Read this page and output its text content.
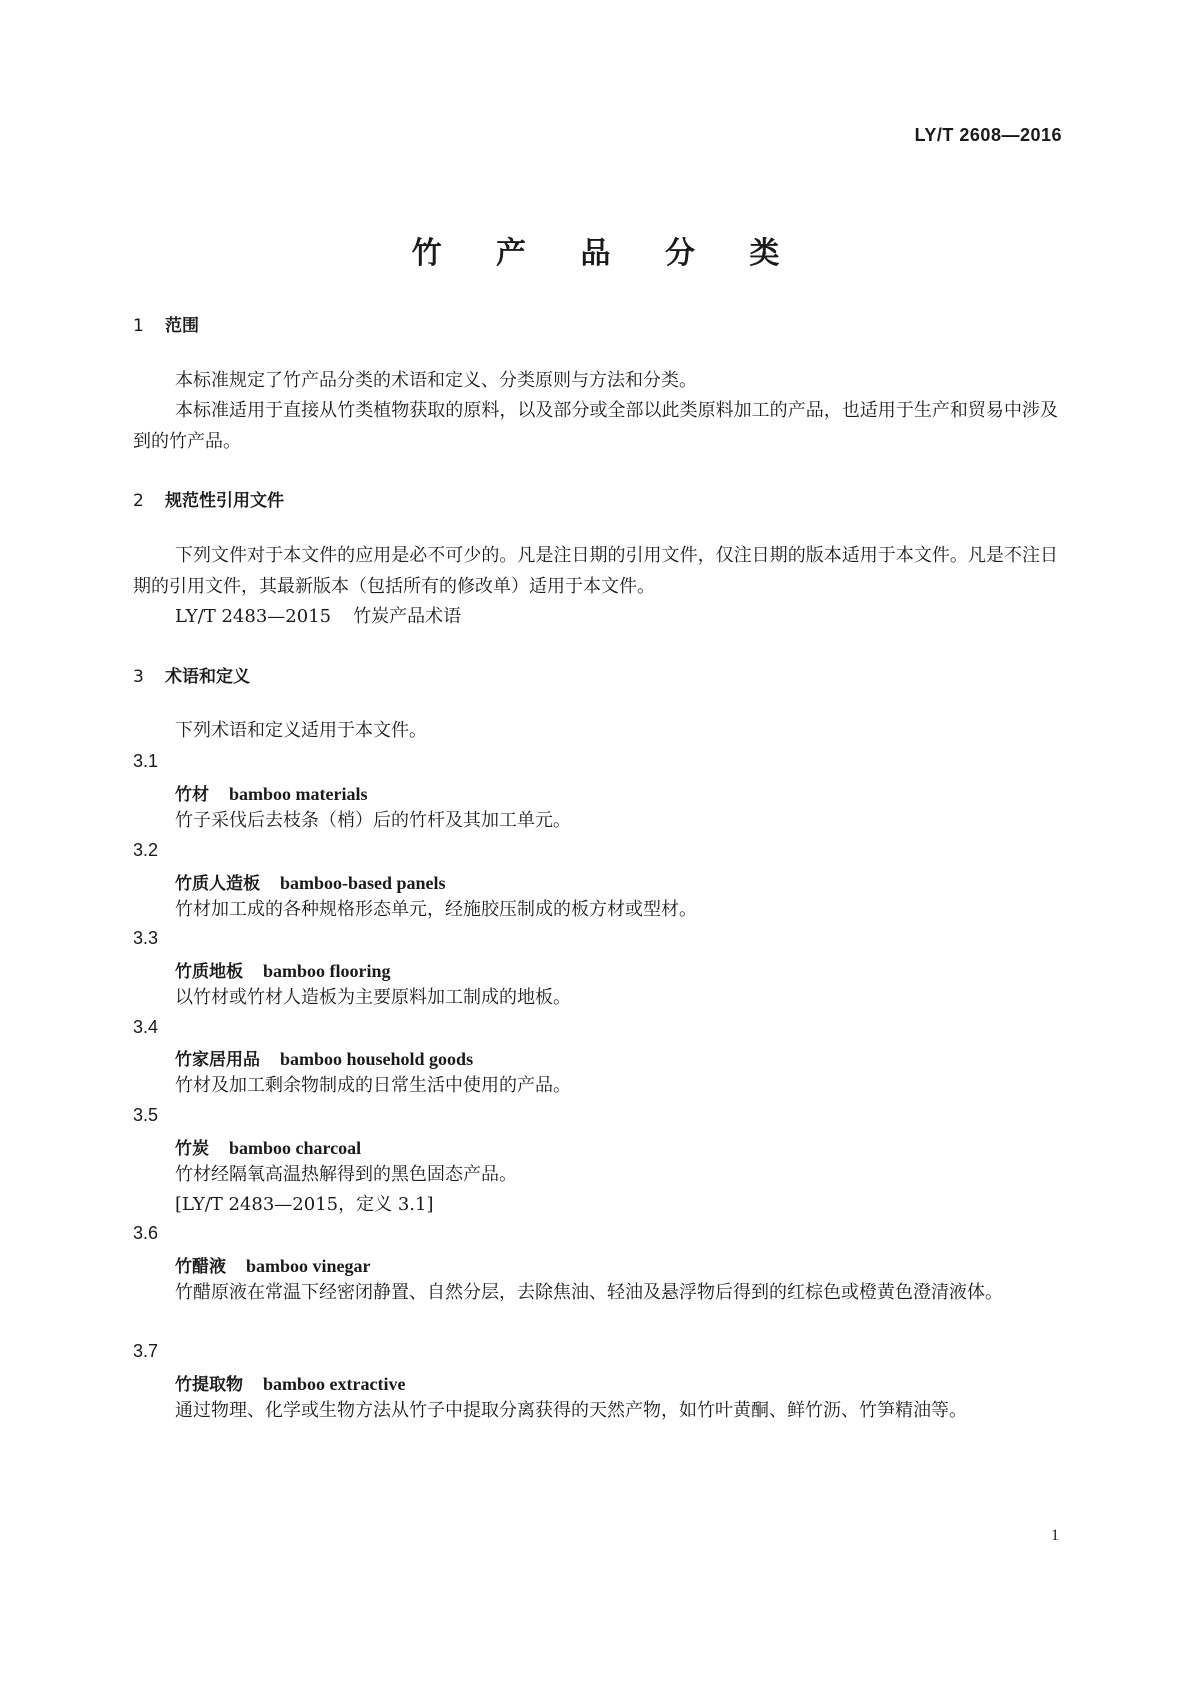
LY/T 2608—2016
竹 产 品 分 类
1 范围
本标准规定了竹产品分类的术语和定义、分类原则与方法和分类。
本标准适用于直接从竹类植物获取的原料，以及部分或全部以此类原料加工的产品，也适用于生产和贸易中涉及到的竹产品。
2 规范性引用文件
下列文件对于本文件的应用是必不可少的。凡是注日期的引用文件，仅注日期的版本适用于本文件。凡是不注日期的引用文件，其最新版本（包括所有的修改单）适用于本文件。
LY/T 2483—2015 竹炭产品术语
3 术语和定义
下列术语和定义适用于本文件。
3.1
竹材 bamboo materials
竹子采伐后去枝条（梢）后的竹杆及其加工单元。
3.2
竹质人造板 bamboo-based panels
竹材加工成的各种规格形态单元，经施胶压制成的板方材或型材。
3.3
竹质地板 bamboo flooring
以竹材或竹材人造板为主要原料加工制成的地板。
3.4
竹家居用品 bamboo household goods
竹材及加工剩余物制成的日常生活中使用的产品。
3.5
竹炭 bamboo charcoal
竹材经隔氧高温热解得到的黑色固态产品。
[LY/T 2483—2015，定义 3.1]
3.6
竹醋液 bamboo vinegar
竹醋原液在常温下经密闭静置、自然分层，去除焦油、轻油及悬浮物后得到的红棕色或橙黄色澄清液体。
3.7
竹提取物 bamboo extractive
通过物理、化学或生物方法从竹子中提取分离获得的天然产物，如竹叶黄酮、鲜竹沥、竹笋精油等。
1
